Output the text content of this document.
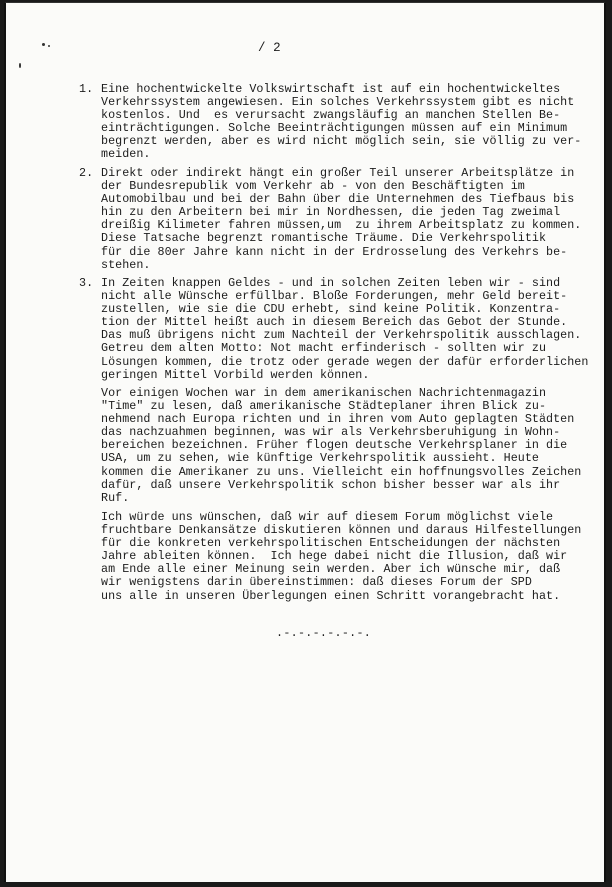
/ 2
1. Eine hochentwickelte Volkswirtschaft ist auf ein hochentwickeltes
Verkehrssystem angewiesen. Ein solches Verkehrssystem gibt es nicht
kostenlos. Und  es verursacht zwangsläufig an manchen Stellen Be-
einträchtigungen. Solche Beeinträchtigungen müssen auf ein Minimum
begrenzt werden, aber es wird nicht möglich sein, sie völlig zu ver-
meiden.
2. Direkt oder indirekt hängt ein großer Teil unserer Arbeitsplätze in
der Bundesrepublik vom Verkehr ab - von den Beschäftigten im
Automobilbau und bei der Bahn über die Unternehmen des Tiefbaus bis
hin zu den Arbeitern bei mir in Nordhessen, die jeden Tag zweimal
dreißig Kilimeter fahren müssen,um  zu ihrem Arbeitsplatz zu kommen.
Diese Tatsache begrenzt romantische Träume. Die Verkehrspolitik
für die 80er Jahre kann nicht in der Erdrosselung des Verkehrs be-
stehen.
3. In Zeiten knappen Geldes - und in solchen Zeiten leben wir - sind
nicht alle Wünsche erfüllbar. Bloße Forderungen, mehr Geld bereit-
zustellen, wie sie die CDU erhebt, sind keine Politik. Konzentra-
tion der Mittel heißt auch in diesem Bereich das Gebot der Stunde.
Das muß übrigens nicht zum Nachteil der Verkehrspolitik ausschlagen.
Getreu dem alten Motto: Not macht erfinderisch - sollten wir zu
Lösungen kommen, die trotz oder gerade wegen der dafür erforderlichen
geringen Mittel Vorbild werden können.
Vor einigen Wochen war in dem amerikanischen Nachrichtenmagazin
"Time" zu lesen, daß amerikanische Städteplaner ihren Blick zu-
nehmend nach Europa richten und in ihren vom Auto geplagten Städten
das nachzuahmen beginnen, was wir als Verkehrsberuhigung in Wohn-
bereichen bezeichnen. Früher flogen deutsche Verkehrsplaner in die
USA, um zu sehen, wie künftige Verkehrspolitik aussieht. Heute
kommen die Amerikaner zu uns. Vielleicht ein hoffnungsvolles Zeichen
dafür, daß unsere Verkehrspolitik schon bisher besser war als ihr
Ruf.
Ich würde uns wünschen, daß wir auf diesem Forum möglichst viele
fruchtbare Denkansätze diskutieren können und daraus Hilfestellungen
für die konkreten verkehrspolitischen Entscheidungen der nächsten
Jahre ableiten können.  Ich hege dabei nicht die Illusion, daß wir
am Ende alle einer Meinung sein werden. Aber ich wünsche mir, daß
wir wenigstens darin übereinstimmen: daß dieses Forum der SPD
uns alle in unseren Überlegungen einen Schritt vorangebracht hat.
.-.-.-.-.-.-.
